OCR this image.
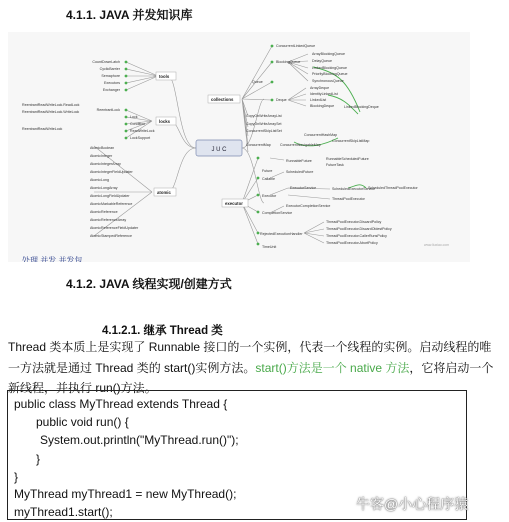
4.1.1. JAVA 并发知识库
J U C
tools
locks
atomic
collections
executor
CountDownLatch
CyclicBarrier
Semaphore
Executors
Exchanger
ReentrantLock
Lock
Condition
ReadWriteLock
LockSupport
ReentrantReadWriteLock.ReadLock
ReentrantReadWriteLock.WriteLock
ReentrantReadWriteLock
AtomicBoolean
AtomicInteger
AtomicIntegerArray
AtomicIntegerFieldUpdater
AtomicLong
AtomicLongArray
AtomicLongFieldUpdater
AtomicMarkableReference
AtomicReference
AtomicReferenceArray
AtomicReferenceFieldUpdater
AtomicStampedReference
ConcurrentLinkedQueue
BlockingQueue
Queue
Deque
ArrayBlockingQueue
DelayQueue
LinkedBlockingQueue
PriorityBlockingQueue
SynchronousQueue
ArrayDeque
IdentityLinkedList
LinkedList
BlockingDeque	LinkedBlockingDeque
CopyOnWriteArrayList
CopyOnWriteArraySet
ConcurrentSkipListSet
ConcurrentMap
ConcurrentHashMap
ConcurrentNavigableMap
ConcurrentSkipListMap
Future
Callable
Executor
CompletionService
RejectedExecutionHandler
TimeUnit
RunnableFuture	RunnableScheduledFuture
FutureTask
ScheduledFuture
ExecutorService	ScheduledExecutorService
ThreadPoolExecutor
ScheduledThreadPoolExecutor
ExecutorCompletionService
ThreadPoolExecutor.DiscardPolicy
ThreadPoolExecutor.DiscardOldestPolicy
ThreadPoolExecutor.CallerRunsPolicy
ThreadPoolExecutor.AbortPolicy	www.liuxiao.com
处理 并发 并发包
4.1.2. JAVA 线程实现/创建方式
4.1.2.1. 继承 Thread 类
Thread 类本质上是实现了 Runnable 接口的一个实例，代表一个线程的实例。启动线程的唯一方法就是通过 Thread 类的 start()实例方法。start()方法是一个 native 方法，它将启动一个新线程，并执行 run()方法。
public class MyThread extends Thread {
public void run() {
System.out.println("MyThread.run()");
}
}
MyThread myThread1 = new MyThread();
myThread1.start();	牛客@小心程序猿
